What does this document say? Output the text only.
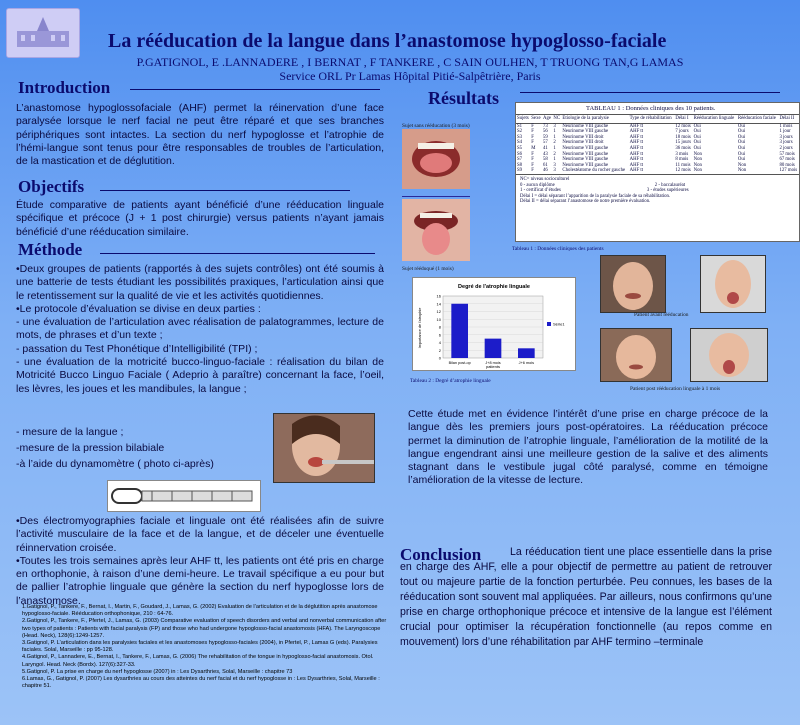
La rééducation de la langue dans l’anastomose hypoglosso-faciale
P.GATIGNOL, E .LANNADERE , I BERNAT , F TANKERE , C SAIN OULHEN, T TRUONG TAN,G LAMAS
Service ORL Pr Lamas Hôpital Pitié-Salpêtrière, Paris
Introduction
L’anastomose hypoglossofaciale (AHF) permet la réinervation d’une face paralysée lorsque le nerf facial ne peut être réparé et que ses branches périphériques sont intactes. La section du nerf hypoglosse et l’atrophie de l’hémi-langue sont tenus pour être responsables de troubles de l’articulation, de la mastication et de déglutition.
Objectifs
Étude comparative de patients ayant bénéficié d’une rééducation linguale spécifique et précoce (J + 1 post chirurgie) versus patients n’ayant jamais bénéficié d’une rééducation similaire.
Méthode
•Deux groupes de patients (rapportés à des sujets contrôles) ont été soumis à une batterie de tests étudiant les possibilités praxiques, l’articulation ainsi que le retentissement sur la qualité de vie et les activités quotidiennes.
•Le protocole d’évaluation se divise en deux parties :
- une évaluation de l’articulation avec réalisation de palatogrammes, lecture de mots, de phrases et d’un texte ;
- passation du Test Phonétique d’Intelligibilité (TPI) ;
- une évaluation de la motricité bucco-linguo-faciale : réalisation du bilan de Motricité Bucco Linguo Faciale ( Adeprio à paraître) concernant la face, l’oeil, les lèvres, les joues et les mandibules, la langue ;
- mesure de la langue ;
-mesure de la pression bilabiale
-à l’aide du dynamomètre ( photo ci-après)
•Des électromyographies faciale et linguale ont été réalisées afin de suivre l’activité musculaire de la face et de la langue, et de déceler une éventuelle réinnervation croisée.
•Toutes les trois semaines après leur AHF tt, les patients ont été pris en charge en orthophonie, à raison d’une demi-heure. Le travail spécifique a eu pour but de pallier l’atrophie linguale que génère la section du nerf hypoglosse lors de l’anastomose.
1.Gatignol, P., Tankere, F., Bernat, I., Martin, F., Goudard, J., Lamas, G. (2002) Evaluation de l’articulation et de la déglutition après anastomose hypoglosso-faciale. Rééducation orthophonique, 210 : 64-76.
2.Gatignol, P., Tankere, F., Pfertel, J., Lamas, G. (2003) Comparative evaluation of speech disorders and verbal and nonverbal communication after two types of patients : Patients with facial paralysis (FP) and those who had undergone hypoglosso-facial anastomosis (HFA). The Laryngoscope (Head. Neck), 128(6):1249-1257.
3.Gatignol, P. L’articulation dans les paralysies faciales et les anastomoses hypoglosso-faciales (2004), in Pfertel, P., Lamas G (eds). Paralysies faciales. Solal, Marseille : pp 95-128.
4.Gatignol, P., Lannadere, E., Bernat, I., Tankere, F., Lamas, G. (2006) The rehabilitation of the tongue in hypoglosso-facial anastomosis. Otol. Laryngol. Head. Neck (Bordx). 127(6):327-33.
5.Gatignol, P. La prise en charge du nerf hypoglosse (2007) in : Les Dysarthries, Solal, Marseille : chapitre 73
6.Lamas, G., Gatignol, P. (2007) Les dysarthries au cours des atteintes du nerf facial et du nerf hypoglosse in : Les Dysarthries, Solal, Marseille : chapitre 51.
Résultats
Sujet sans rééducation (3 mois)
Sujet rééduqué (1 mois)
TABLEAU 1 : Données cliniques des 10 patients.
Sujets	Sexe	Age	NC	Etiologie de la paralysie	Type de réhabilitation	Délai I	Rééducation linguale	Rééducation faciale	Délai II
S1	F	73	3	Neurinome VIII gauche	AHF tt	12 mois	Oui	Oui	1 mois
S2	F	56	1	Neurinome VIII gauche	AHF tt	7 jours	Oui	Oui	1 jour
S3	F	59	1	Neurinome VIII droit	AHF tt	18 mois	Oui	Oui	3 jours
S4	F	57	2	Neurinome VIII droit	AHF tt	15 jours	Oui	Oui	3 jours
S5	M	41	1	Neurinome VIII gauche	AHF tt	36 mois	Oui	Oui	2 jours
S6	F	43	2	Neurinome VIII gauche	AHF tt	3 mois	Non	Oui	57 mois
S7	F	58	1	Neurinome VIII gauche	AHF tt	8 mois	Non	Oui	67 mois
S8	F	61	3	Neurinome VIII gauche	AHF tt	11 mois	Non	Non	80 mois
S9	F	46	3	Cholestéatome du rocher gauche	AHF tt	12 mois	Non	Non	127 mois
NC= niveau socioculturel
0 - aucun diplôme	2 - baccalauréat
1 - certificat d’études	3 - études supérieures
Délai I = délai séparant l’apparition de la paralysie faciale de sa réhabilitation.
Délai II = délai séparant l’anastomose de notre première évaluation.
Tableau 1 : Données cliniques des patients
Degré de l'atrophie linguale
0
2
4
6
8
10
12
14
16
Bilan post-op	J+8 mois	J+6 mois
patients
Importance de l'atrophie	Série1
Tableau 2 : Degré d’atrophie linguale
Patient avant rééducation
Patient post rééducation linguale à 1 mois
Cette étude met en évidence l’intérêt d’une prise en charge précoce de la langue dès les premiers jours post-opératoires. La rééducation précoce permet la diminution de l’atrophie linguale, l’amélioration de la motilité de la langue engendrant ainsi une meilleure gestion de la salive et des aliments stagnant dans le vestibule jugal côté paralysé, comme en témoigne l’amélioration de la vitesse de lecture.
La rééducation tient une place essentielle dans la prise en charge des AHF, elle a pour objectif de permettre au patient de retrouver tout ou majeure partie de la fonction perturbée. Peu connues, les bases de la rééducation sont souvent mal appliquées. Par ailleurs, nous confirmons qu’une prise en charge orthophonique précoce et intensive de la langue est l’élément crucial pour optimiser la récupération fonctionnelle (au repos comme en mouvement) lors d’une réhabilitation par AHF termino –terminale
Conclusion
